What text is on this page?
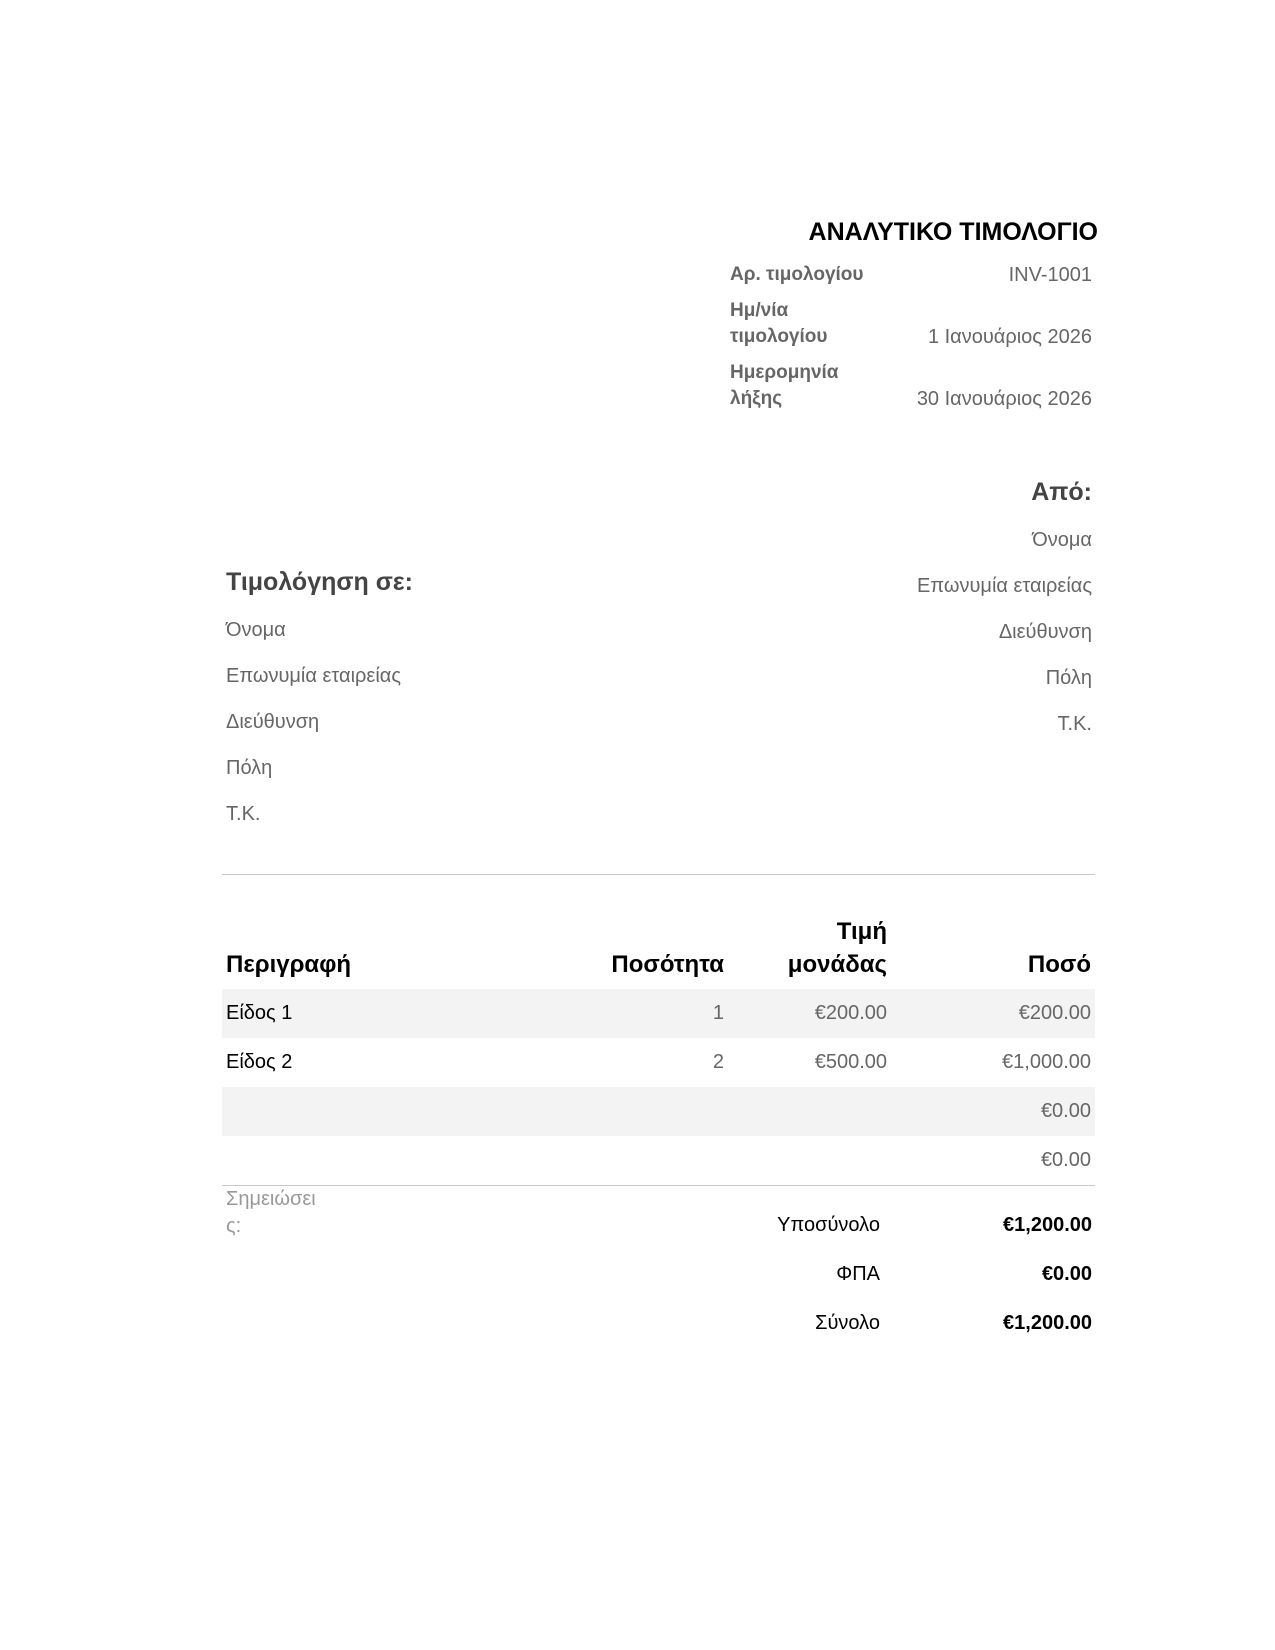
ΑΝΑΛΥΤΙΚΟ ΤΙΜΟΛΟΓΙΟ
Αρ. τιμολογίου	INV-1001
Ημ/νία τιμολογίου	1 Ιανουάριος 2026
Ημερομηνία λήξης	30 Ιανουάριος 2026
Από:
Όνομα
Επωνυμία εταιρείας
Διεύθυνση
Πόλη
Τ.Κ.
Τιμολόγηση σε:
Όνομα
Επωνυμία εταιρείας
Διεύθυνση
Πόλη
Τ.Κ.
Περιγραφή	Ποσότητα	Τιμή μονάδας	Ποσό
Είδος 1	1	€200.00	€200.00
Είδος 2	2	€500.00	€1,000.00
			€0.00
			€0.00
Σημειώσεις:	Υποσύνολο	€1,200.00
ΦΠΑ	€0.00
Σύνολο	€1,200.00
